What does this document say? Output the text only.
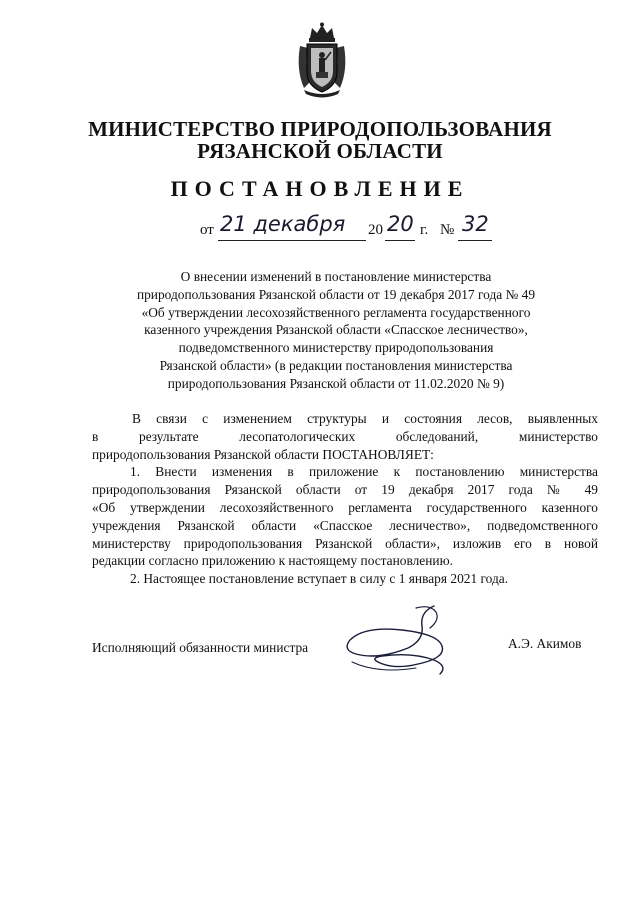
МИНИСТЕРСТВО ПРИРОДОПОЛЬЗОВАНИЯ
РЯЗАНСКОЙ ОБЛАСТИ
ПОСТАНОВЛЕНИЕ
от 21 декабря 20 20 г. № 32
О внесении изменений в постановление министерства
природопользования Рязанской области от 19 декабря 2017 года № 49
«Об утверждении лесохозяйственного регламента государственного
казенного учреждения Рязанской области «Спасское лесничество»,
подведомственного министерству природопользования
Рязанской области» (в редакции постановления министерства
природопользования Рязанской области от 11.02.2020 № 9)
В связи с изменением структуры и состояния лесов, выявленных
в результате лесопатологических обследований, министерство
природопользования Рязанской области ПОСТАНОВЛЯЕТ:
1. Внести изменения в приложение к постановлению министерства
природопользования Рязанской области от 19 декабря 2017 года № 49
«Об утверждении лесохозяйственного регламента государственного казенного
учреждения Рязанской области «Спасское лесничество», подведомственного
министерству природопользования Рязанской области», изложив его в новой
редакции согласно приложению к настоящему постановлению.
2. Настоящее постановление вступает в силу с 1 января 2021 года.
Исполняющий обязанности министра	А.Э. Акимов
